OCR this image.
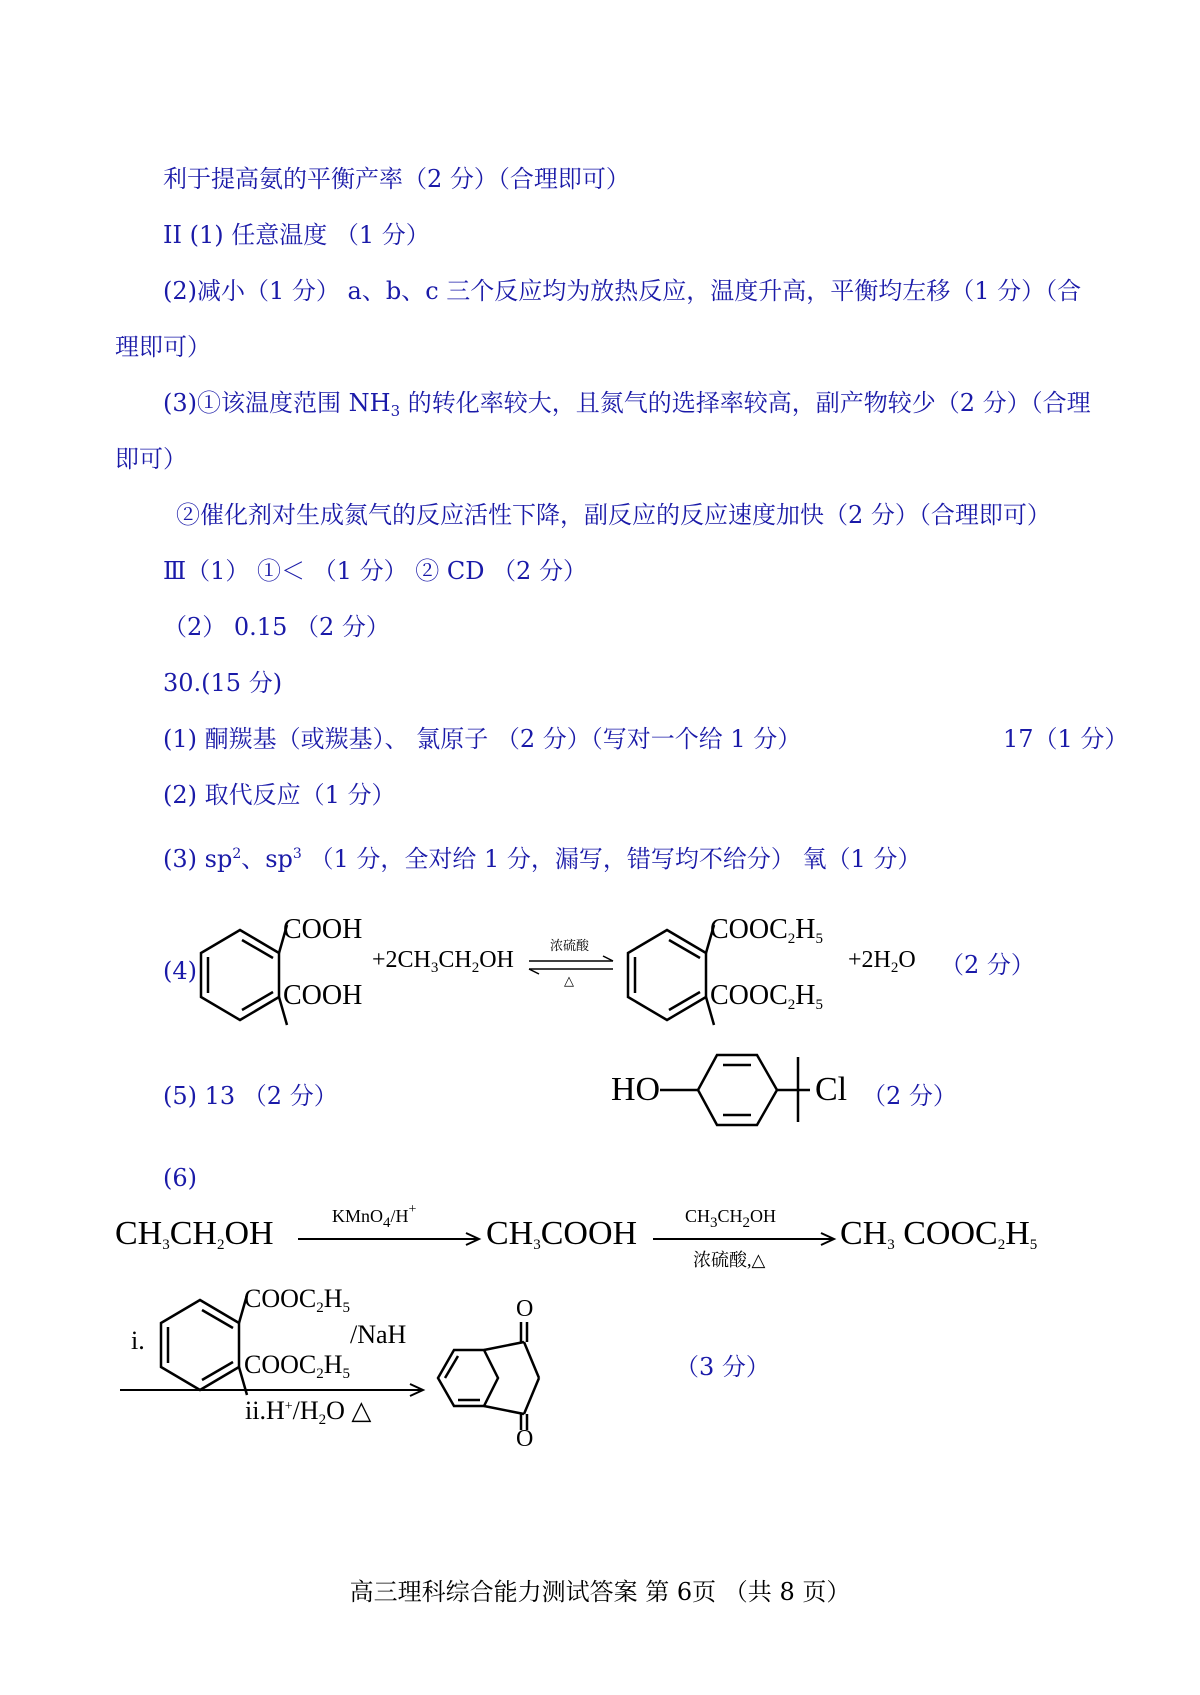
利于提高氨的平衡产率（2 分）（合理即可）
II (1) 任意温度 （1 分）
(2)减小（1 分） a、b、c 三个反应均为放热反应，温度升高，平衡均左移（1 分）（合
理即可）
(3)①该温度范围 $NH_3$ 的转化率较大，且氮气的选择率较高，副产物较少（2 分）（合理
即可）
②催化剂对生成氮气的反应活性下降，副反应的反应速度加快（2 分）（合理即可）
Ⅲ（1） ①＜ （1 分） ② CD （2 分）
（2） 0.15 （2 分）
30.(15 分)
(1) 酮羰基（或羰基）、 氯原子 （2 分）（写对一个给 1 分）	17（1 分）
(2) 取代反应（1 分）
(3) $sp^2$、$sp^3$ （1 分，全对给 1 分，漏写，错写均不给分） 氧（1 分）
(4)
COOH
COOH
$+2CH_3CH_2OH$
浓硫酸
△
$COOC_2H_5$
$COOC_2H_5$
$+2H_2O$ （2 分）
(5) 13 （2 分）	HO	Cl （2 分）
(6)
$CH_3CH_2OH$	KMnO$_4$/H+
$CH_3COOH$	$CH_3CH_2OH$
浓硫酸,△
$CH_3$ $COOC_2H_5$
i.
$COOC_2H_5$
$COOC_2H_5$
/NaH
$ii.H^+/H_2O$ △
O
O
（3 分）
高三理科综合能力测试答案 第 6页 （共 8 页）
